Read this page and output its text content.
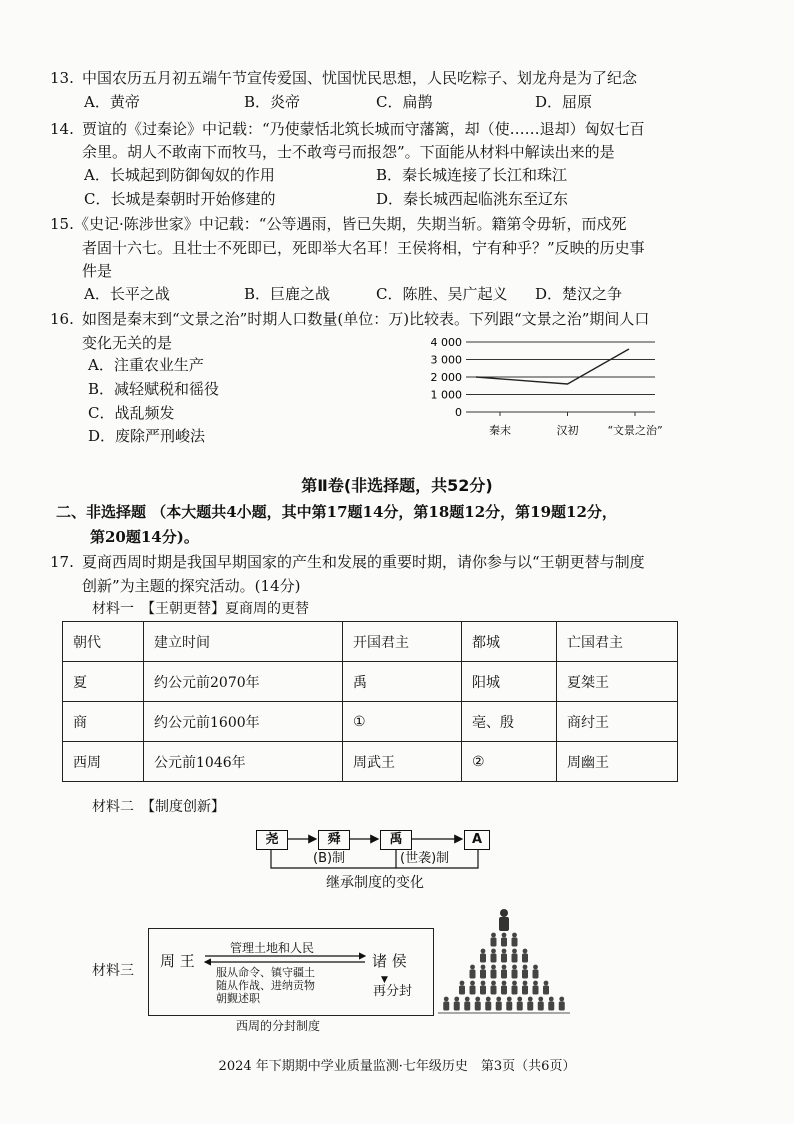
13. 中国农历五月初五端午节宣传爱国、忧国忧民思想，人民吃粽子、划龙舟是为了纪念
A．黄帝	B．炎帝	C．扁鹊	D．屈原
14. 贾谊的《过秦论》中记载：“乃使蒙恬北筑长城而守藩篱，却（使……退却）匈奴七百
余里。胡人不敢南下而牧马，士不敢弯弓而报怨”。下面能从材料中解读出来的是
A．长城起到防御匈奴的作用	B．秦长城连接了长江和珠江
C．长城是秦朝时开始修建的	D．秦长城西起临洮东至辽东
15. 《史记·陈涉世家》中记载：“公等遇雨，皆已失期，失期当斩。籍第令毋斩，而戍死
者固十六七。且壮士不死即已，死即举大名耳！王侯将相，宁有种乎？”反映的历史事
件是
A．长平之战	B．巨鹿之战	C．陈胜、吴广起义 D．楚汉之争
16. 如图是秦末到“文景之治”时期人口数量(单位：万)比较表。下列跟“文景之治”期间人口
变化无关的是
A．注重农业生产
B．减轻赋税和徭役
C．战乱频发
D．废除严刑峻法
4 000
3 000
2 000
1 000
0
秦末	汉初	“文景之治”
第Ⅱ卷(非选择题，共52分)
二、非选择题 （本大题共4小题，其中第17题14分，第18题12分，第19题12分，
第20题14分)。
17. 夏商西周时期是我国早期国家的产生和发展的重要时期，请你参与以“王朝更替与制度
创新”为主题的探究活动。(14分)
材料一　【王朝更替】夏商周的更替
朝代	建立时间	开国君主	都城	亡国君主
夏	约公元前2070年	禹	阳城	夏桀王
商	约公元前1600年	①	亳、殷	商纣王
西周	公元前1046年	周武王	②	周幽王
材料二　【制度创新】
尧	舜	禹	A
(B)制	(世袭)制
继承制度的变化
材料三
周 王	诸 侯
管理土地和人民
服从命令、镇守疆土
随从作战、进纳贡物
朝觐述职
▼
再分封
西周的分封制度
2024 年下期期中学业质量监测·七年级历史　第3页（共6页）
